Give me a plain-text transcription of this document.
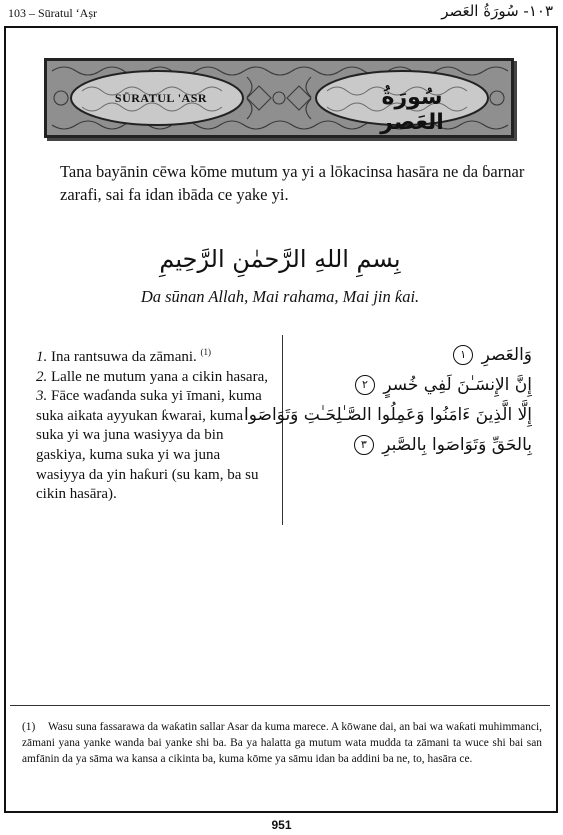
103 – Sūratul ʻAṣr	١٠٣- سُورَةُ العَصر
SŪRATUL 'ASR	سُورَةُ العَصر

Tana bayānin cēwa kōme mutum ya yi a lōkacinsa hasāra ne da ɓarnar zarafi, sai fa idan ibāda ce yake yi.

بِسمِ اللهِ الرَّحمٰنِ الرَّحِيمِ
Da sūnan Allah, Mai rahama, Mai jin ƙai.

1. Ina rantsuwa da zāmani. $^{(1)}$

2. Lalle ne mutum yana a cikin hasara,

3. Fāce waɗanda suka yi īmani, kuma suka aikata ayyukan ƙwarai, kuma suka yi wa juna wasiyya da bin gaskiya, kuma suka yi wa juna wasiyya da yin haƙuri (su kam, ba su cikin hasāra).

وَالعَصرِ ١
إِنَّ الإِنسَـٰنَ لَفِي خُسرٍ ٢
إِلَّا الَّذِينَ ءَامَنُوا وَعَمِلُوا الصَّـٰلِحَـٰتِ وَتَوَاصَوا
بِالحَقِّ وَتَوَاصَوا بِالصَّبرِ ٣

(1) Wasu suna fassarawa da waƙatin sallar Asar da kuma marece. A kōwane dai, an bai wa waƙati muhimmanci, zāmani yana yanke wanda bai yanke shi ba. Ba ya halatta ga mutum wata mudda ta zāmani ta wuce shi bai san amfānin da ya sāma wa kansa a cikinta ba, kuma kōme ya sāmu idan ba addini ba ne, to, hasāra ce.

951
